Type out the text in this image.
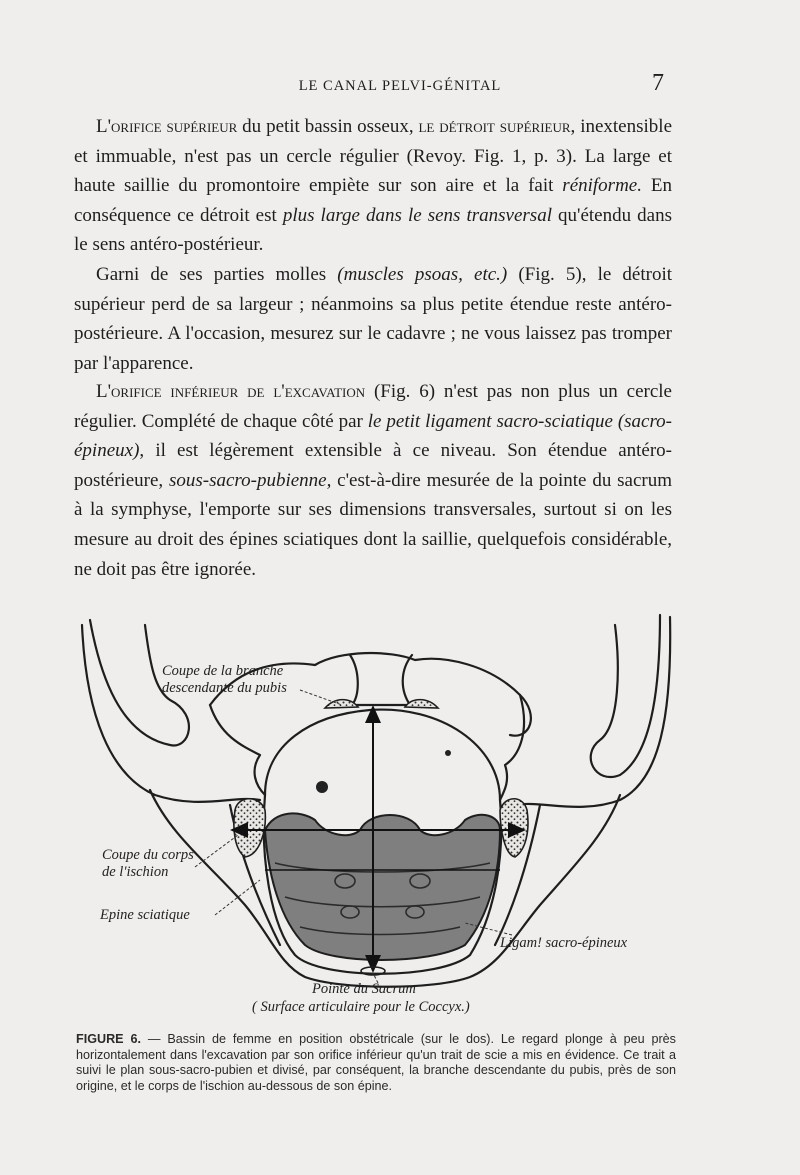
LE CANAL PELVI-GÉNITAL	7

L'orifice supérieur du petit bassin osseux, le détroit supérieur, inextensible et immuable, n'est pas un cercle régulier (Revoy. Fig. 1, p. 3). La large et haute saillie du promontoire empiète sur son aire et la fait réniforme. En conséquence ce détroit est plus large dans le sens transversal qu'étendu dans le sens antéro-postérieur.

Garni de ses parties molles (muscles psoas, etc.) (Fig. 5), le détroit supérieur perd de sa largeur ; néanmoins sa plus petite étendue reste antéro-postérieure. A l'occasion, mesurez sur le cadavre ; ne vous laissez pas tromper par l'apparence.

L'orifice inférieur de l'excavation (Fig. 6) n'est pas non plus un cercle régulier. Complété de chaque côté par le petit ligament sacro-sciatique (sacro-épineux), il est légèrement extensible à ce niveau. Son étendue antéro-postérieure, sous-sacro-pubienne, c'est-à-dire mesurée de la pointe du sacrum à la symphyse, l'emporte sur ses dimensions transversales, surtout si on les mesure au droit des épines sciatiques dont la saillie, quelquefois considérable, ne doit pas être ignorée.

Coupe de la branche
descendante du pubis
Coupe du corps
de l'ischion
Epine sciatique
Ligam! sacro-épineux
Pointe du Sacrum
( Surface articulaire pour le Coccyx.)
FIGURE 6. — Bassin de femme en position obstétricale (sur le dos). Le regard plonge à peu près horizontalement dans l'excavation par son orifice inférieur qu'un trait de scie a mis en évidence. Ce trait a suivi le plan sous-sacro-pubien et divisé, par conséquent, la branche descendante du pubis, près de son origine, et le corps de l'ischion au-dessous de son épine.
